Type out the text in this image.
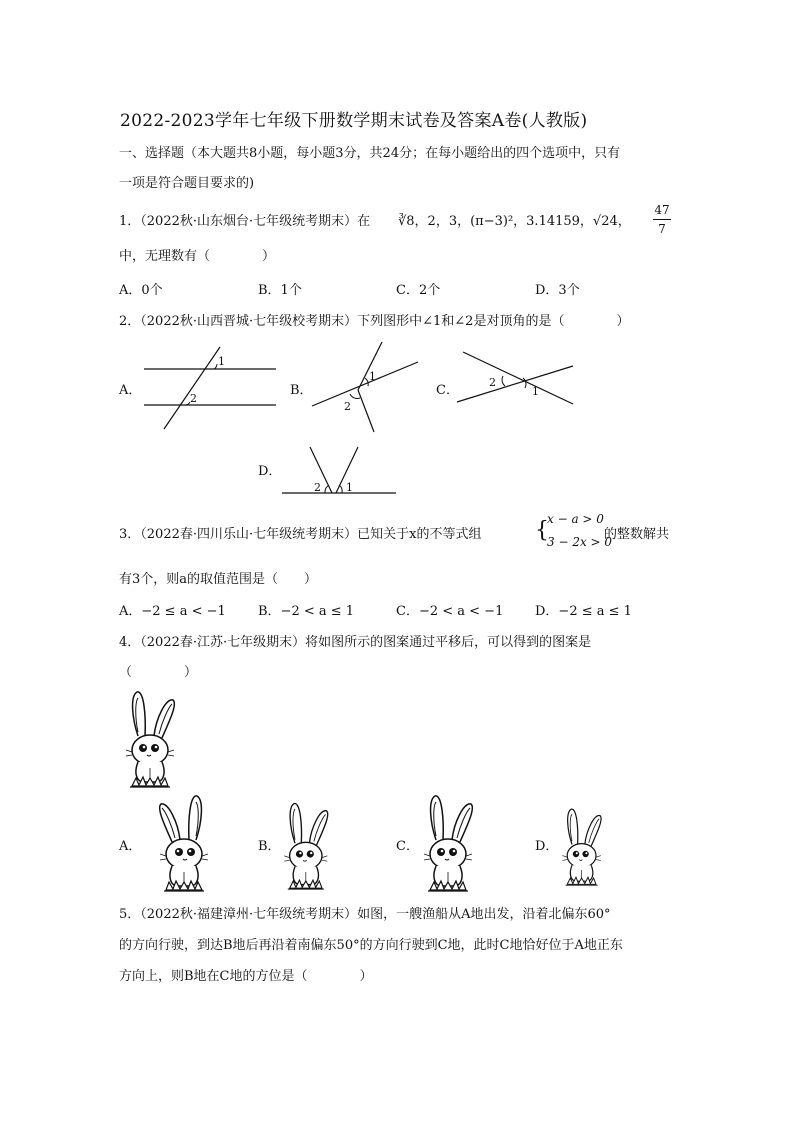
2022-2023学年七年级下册数学期末试卷及答案A卷(人教版)
一、选择题（本大题共8小题，每小题3分，共24分；在每小题给出的四个选项中，只有
一项是符合题目要求的)
1．（2022秋·山东烟台·七年级统考期末）在 ∛8，2，3，(π−3)²，3.14159，√24，
47
7
中，无理数有（　　　　）
A．0个	B．1个	C．2个	D．3个
2．（2022秋·山西晋城·七年级校考期末）下列图形中∠1和∠2是对顶角的是（　　　　）
A．
1
2
B．
1
2
C．
2
1
D．
2 1
3．（2022春·四川乐山·七年级统考期末）已知关于x的不等式组 {
x − a > 0
3 − 2x > 0
的整数解共
有3个，则a的取值范围是（　　）
A．−2 ≤ a < −1 B．−2 < a ≤ 1	C．−2 < a < −1 D．−2 ≤ a ≤ 1
4．（2022春·江苏·七年级期末）将如图所示的图案通过平移后，可以得到的图案是
（　　　　）
A．	B．	C．	D．
5．（2022秋·福建漳州·七年级统考期末）如图，一艘渔船从A地出发，沿着北偏东60°
的方向行驶，到达B地后再沿着南偏东50°的方向行驶到C地，此时C地恰好位于A地正东
方向上，则B地在C地的方位是（　　　　）
